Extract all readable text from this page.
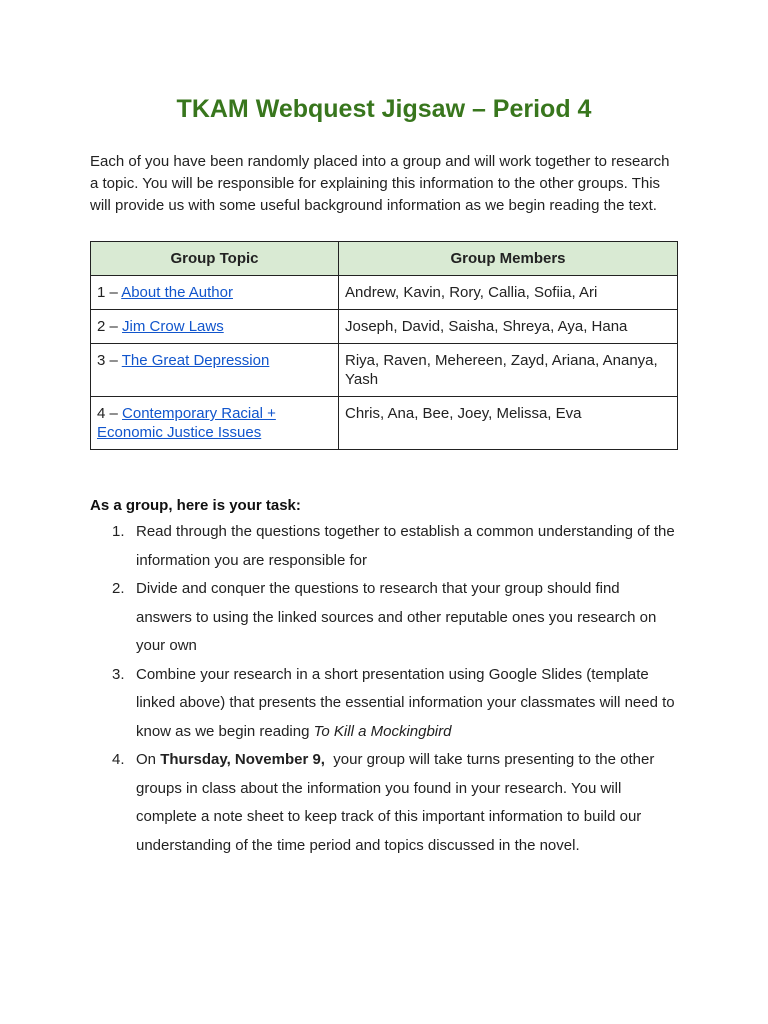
TKAM Webquest Jigsaw – Period 4

Each of you have been randomly placed into a group and will work together to research a topic. You will be responsible for explaining this information to the other groups. This will provide us with some useful background information as we begin reading the text.

Group Topic	Group Members
1 – About the Author	Andrew, Kavin, Rory, Callia, Sofiia, Ari
2 – Jim Crow Laws	Joseph, David, Saisha, Shreya, Aya, Hana
3 – The Great Depression	Riya, Raven, Mehereen, Zayd, Ariana, Ananya, Yash
4 – Contemporary Racial + Economic Justice Issues	Chris, Ana, Bee, Joey, Melissa, Eva

As a group, here is your task:

1. Read through the questions together to establish a common understanding of the information you are responsible for
2. Divide and conquer the questions to research that your group should find answers to using the linked sources and other reputable ones you research on your own
3. Combine your research in a short presentation using Google Slides (template linked above) that presents the essential information your classmates will need to know as we begin reading To Kill a Mockingbird
4. On Thursday, November 9,  your group will take turns presenting to the other groups in class about the information you found in your research. You will complete a note sheet to keep track of this important information to build our understanding of the time period and topics discussed in the novel.
